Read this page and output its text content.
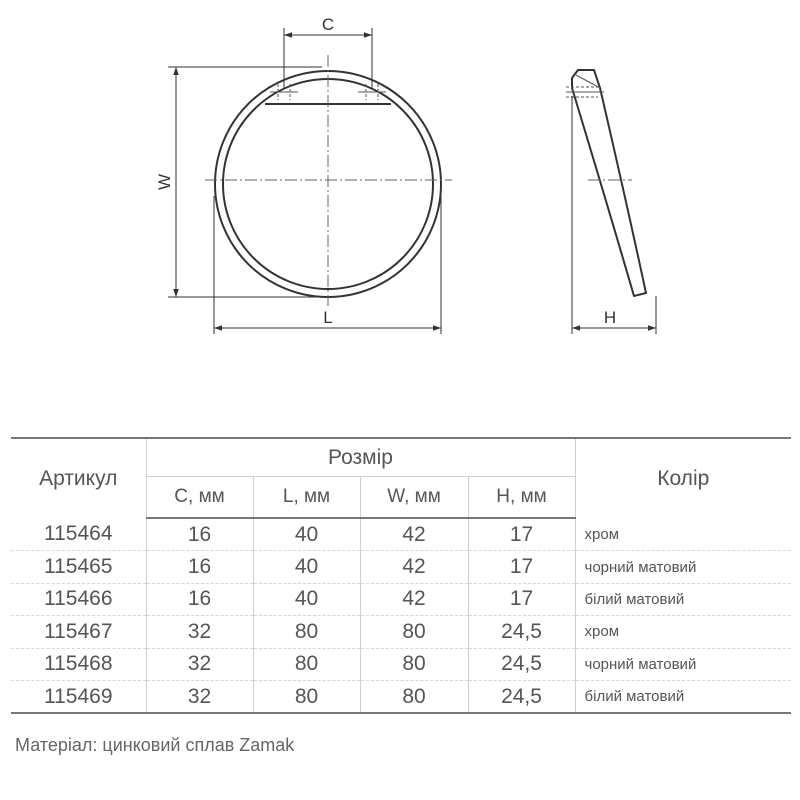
C
W
L	H
Артикул	Розмір				Колір
	C, мм	L, мм	W, мм	H, мм	
115464	16	40	42	17	хром
115465	16	40	42	17	чорний матовий
115466	16	40	42	17	білий матовий
115467	32	80	80	24,5	хром
115468	32	80	80	24,5	чорний матовий
115469	32	80	80	24,5	білий матовий
Матеріал: цинковий сплав Zamak
